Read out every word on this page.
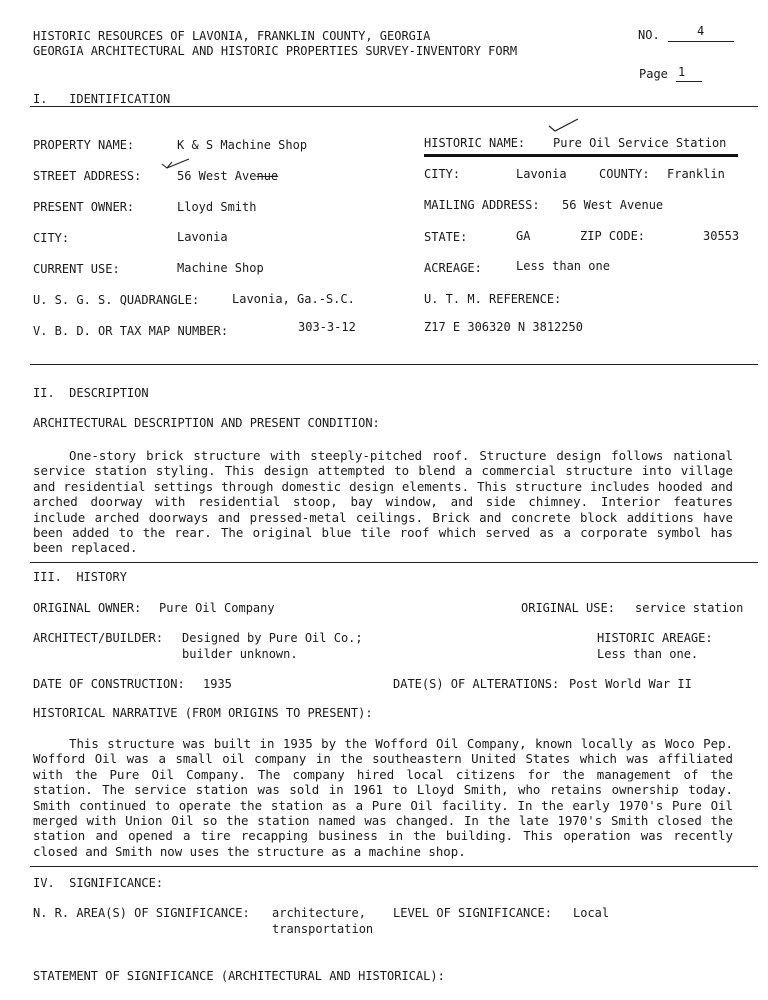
HISTORIC RESOURCES OF LAVONIA, FRANKLIN COUNTY, GEORGIA
GEORGIA ARCHITECTURAL AND HISTORIC PROPERTIES SURVEY-INVENTORY FORM
NO.	4
Page 1
I.   IDENTIFICATION
PROPERTY NAME:	K & S Machine Shop	HISTORIC NAME: Pure Oil Service Station
STREET ADDRESS:	56 West Avenue	CITY:	Lavonia	COUNTY: Franklin
PRESENT OWNER:	Lloyd Smith	MAILING ADDRESS: 56 West Avenue
CITY:	Lavonia	STATE:	GA	ZIP CODE:	30553
CURRENT USE:	Machine Shop	ACREAGE:	Less than one
U. S. G. S. QUADRANGLE:	Lavonia, Ga.-S.C.	U. T. M. REFERENCE:
V. B. D. OR TAX MAP NUMBER:	303-3-12	Z17 E 306320 N 3812250
II.  DESCRIPTION
ARCHITECTURAL DESCRIPTION AND PRESENT CONDITION:

One-story brick structure with steeply-pitched roof. Structure design follows national service station styling. This design attempted to blend a commercial structure into village and residential settings through domestic design elements. This structure includes hooded and arched doorway with residential stoop, bay window, and side chimney. Interior features include arched doorways and pressed-metal ceilings. Brick and concrete block additions have been added to the rear. The original blue tile roof which served as a corporate symbol has been replaced.

III.  HISTORY
ORIGINAL OWNER: Pure Oil Company	ORIGINAL USE: service station
ARCHITECT/BUILDER: Designed by Pure Oil Co.;
builder unknown.
HISTORIC AREAGE:
Less than one.
DATE OF CONSTRUCTION: 1935	DATE(S) OF ALTERATIONS: Post World War II
HISTORICAL NARRATIVE (FROM ORIGINS TO PRESENT):

This structure was built in 1935 by the Wofford Oil Company, known locally as Woco Pep. Wofford Oil was a small oil company in the southeastern United States which was affiliated with the Pure Oil Company. The company hired local citizens for the management of the station. The service station was sold in 1961 to Lloyd Smith, who retains ownership today. Smith continued to operate the station as a Pure Oil facility. In the early 1970's Pure Oil merged with Union Oil so the station named was changed. In the late 1970's Smith closed the station and opened a tire recapping business in the building. This operation was recently closed and Smith now uses the structure as a machine shop.

IV.  SIGNIFICANCE:
N. R. AREA(S) OF SIGNIFICANCE: architecture,
transportation
LEVEL OF SIGNIFICANCE: Local
STATEMENT OF SIGNIFICANCE (ARCHITECTURAL AND HISTORICAL):
